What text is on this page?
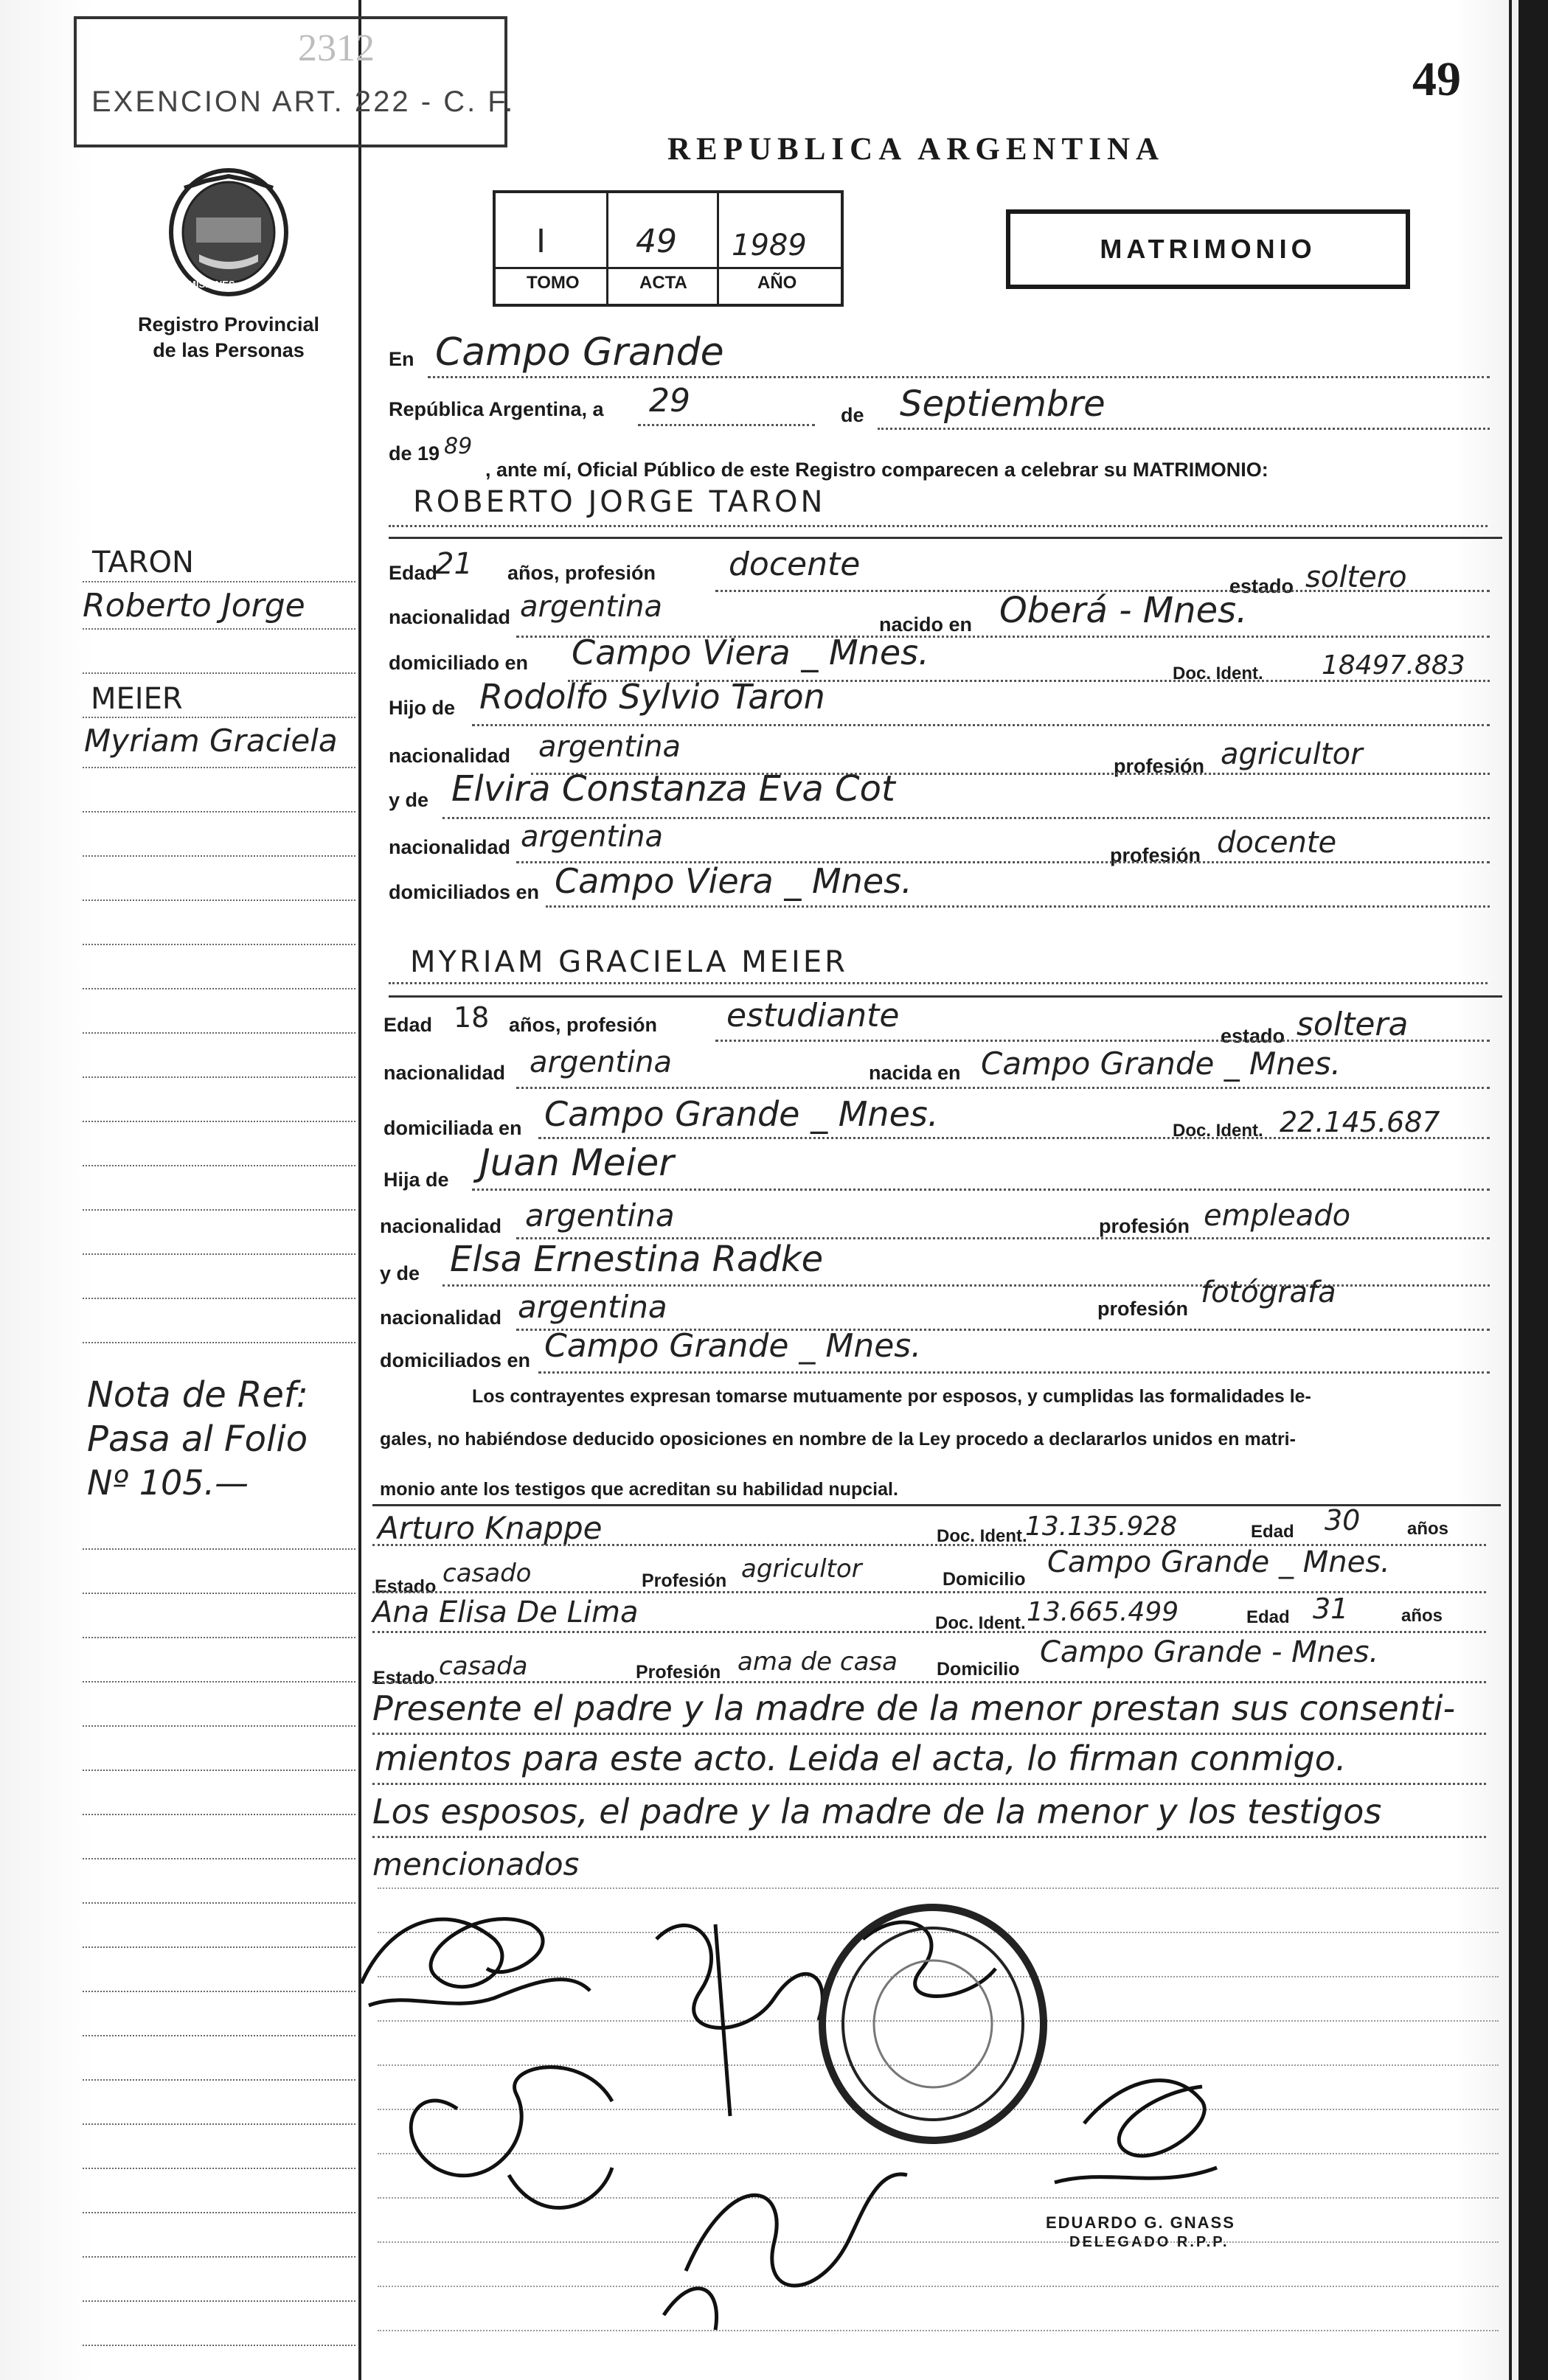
2312
EXENCION ART. 222 - C. F.
MISIONES
Registro Provincial
de las Personas
49
REPUBLICA ARGENTINA
I	49 1989
TOMO	ACTA	AÑO
MATRIMONIO
En Campo Grande
República Argentina, a 29	de Septiembre
de 19 89
, ante mí, Oficial Público de este Registro comparecen a celebrar su MATRIMONIO:
ROBERTO JORGE TARON
Edad
21 años, profesión docente
estado soltero
nacionalidad argentina
nacido en Oberá - Mnes.
domiciliado en Campo Viera _ Mnes.
Doc. Ident. 18497.883
Hijo de Rodolfo Sylvio Taron
nacionalidad argentina
profesión agricultor
y de Elvira Constanza Eva Cot
nacionalidad argentina
profesión docente
domiciliados en Campo Viera _ Mnes.
MYRIAM GRACIELA MEIER
Edad 18 años, profesión estudiante
estado soltera
nacionalidad argentina	nacida en Campo Grande _ Mnes.
domiciliada en Campo Grande _ Mnes.	Doc. Ident. 22.145.687
Hija de Juan Meier
nacionalidad argentina	profesión empleado
y de Elsa Ernestina Radke
nacionalidad argentina	profesión fotógrafa
domiciliados en Campo Grande _ Mnes.
Los contrayentes expresan tomarse mutuamente por esposos, y cumplidas las formalidades le-
gales, no habiéndose deducido oposiciones en nombre de la Ley procedo a declararlos unidos en matri-
monio ante los testigos que acreditan su habilidad nupcial.
Arturo Knappe	Doc. Ident.
13.135.928	Edad 30	años
Estado casado	Profesión agricultor	Domicilio Campo Grande _ Mnes.
Ana Elisa De Lima	Doc. Ident. 13.665.499	Edad 31	años
Estado casada	Profesión ama de casa Domicilio Campo Grande - Mnes.
Presente el padre y la madre de la menor prestan sus consenti-
mientos para este acto. Leida el acta, lo firman conmigo.
Los esposos, el padre y la madre de la menor y los testigos
mencionados
EDUARDO G. GNASS
DELEGADO R.P.P.
TARON
Roberto Jorge
MEIER
Myriam Graciela
Nota de Ref:
Pasa al Folio
Nº 105.—
